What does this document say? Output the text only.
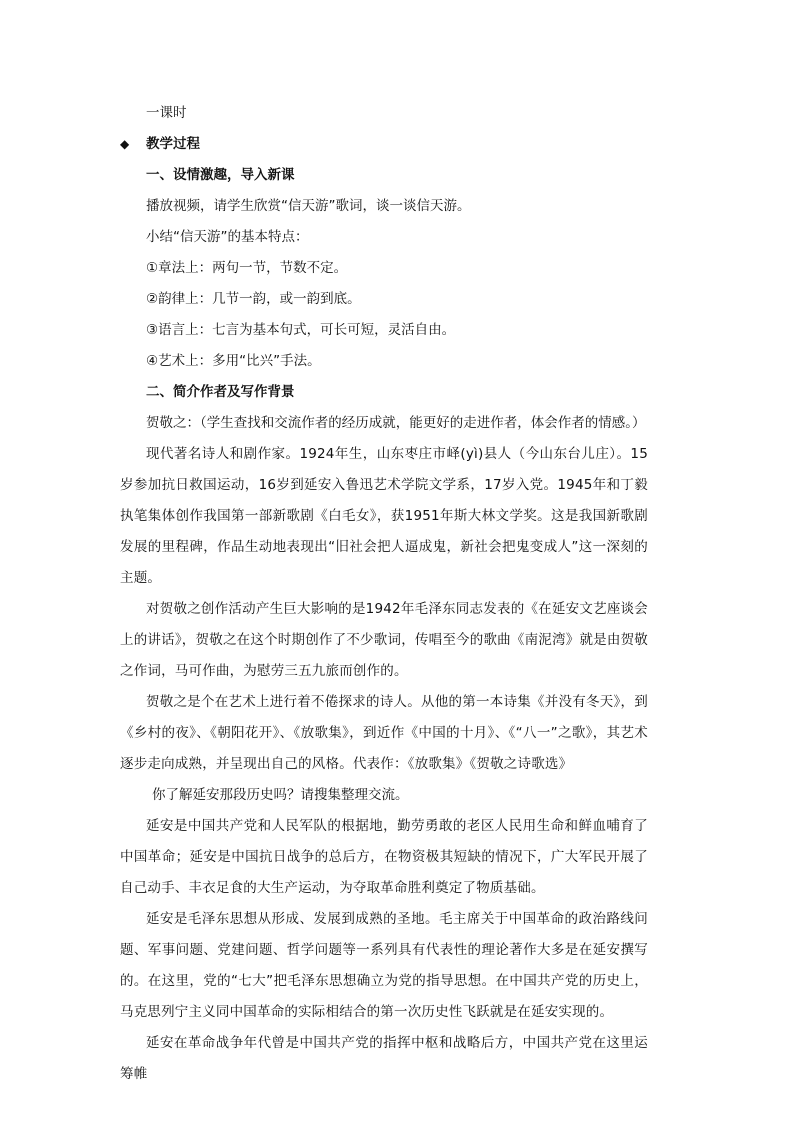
一课时

◆ 教学过程

一、设情激趣，导入新课

播放视频，请学生欣赏“信天游”歌词，谈一谈信天游。

小结“信天游”的基本特点：

①章法上：两句一节，节数不定。

②韵律上：几节一韵，或一韵到底。

③语言上：七言为基本句式，可长可短，灵活自由。

④艺术上：多用“比兴”手法。

二、简介作者及写作背景

贺敬之：（学生查找和交流作者的经历成就，能更好的走进作者，体会作者的情感。）

现代著名诗人和剧作家。1924年生，山东枣庄市峄(yì)县人（今山东台儿庄）。15岁参加抗日救国运动，16岁到延安入鲁迅艺术学院文学系，17岁入党。1945年和丁毅执笔集体创作我国第一部新歌剧《白毛女》，获1951年斯大林文学奖。这是我国新歌剧发展的里程碑，作品生动地表现出“旧社会把人逼成鬼，新社会把鬼变成人”这一深刻的主题。

对贺敬之创作活动产生巨大影响的是1942年毛泽东同志发表的《在延安文艺座谈会上的讲话》，贺敬之在这个时期创作了不少歌词，传唱至今的歌曲《南泥湾》就是由贺敬之作词，马可作曲，为慰劳三五九旅而创作的。

贺敬之是个在艺术上进行着不倦探求的诗人。从他的第一本诗集《并没有冬天》，到《乡村的夜》、《朝阳花开》、《放歌集》，到近作《中国的十月》、《“八一”之歌》，其艺术逐步走向成熟，并呈现出自己的风格。代表作：《放歌集》《贺敬之诗歌选》

你了解延安那段历史吗？请搜集整理交流。

延安是中国共产党和人民军队的根据地，勤劳勇敢的老区人民用生命和鲜血哺育了中国革命；延安是中国抗日战争的总后方，在物资极其短缺的情况下，广大军民开展了自己动手、丰衣足食的大生产运动，为夺取革命胜利奠定了物质基础。

延安是毛泽东思想从形成、发展到成熟的圣地。毛主席关于中国革命的政治路线问题、军事问题、党建问题、哲学问题等一系列具有代表性的理论著作大多是在延安撰写的。在这里，党的“七大”把毛泽东思想确立为党的指导思想。在中国共产党的历史上，马克思列宁主义同中国革命的实际相结合的第一次历史性飞跃就是在延安实现的。

延安在革命战争年代曾是中国共产党的指挥中枢和战略后方，中国共产党在这里运筹帷
